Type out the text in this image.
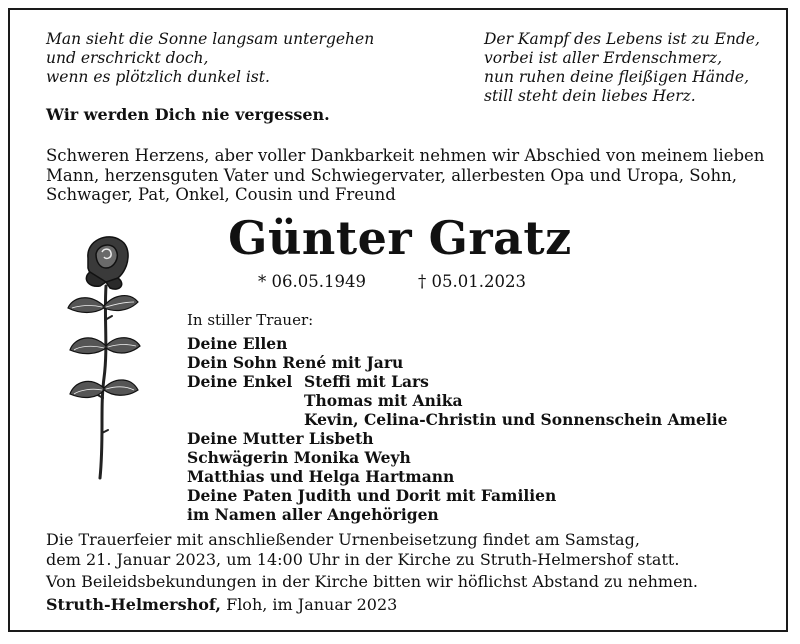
Man sieht die Sonne langsam untergehen
und erschrickt doch,
wenn es plötzlich dunkel ist.
Der Kampf des Lebens ist zu Ende,
vorbei ist aller Erdenschmerz,
nun ruhen deine fleißigen Hände,
still steht dein liebes Herz.
Wir werden Dich nie vergessen.
Schweren Herzens, aber voller Dankbarkeit nehmen wir Abschied von meinem lieben
Mann, herzensguten Vater und Schwiegervater, allerbesten Opa und Uropa, Sohn,
Schwager, Pat, Onkel, Cousin und Freund
Günter Gratz
* 06.05.1949	† 05.01.2023
In stiller Trauer:
Deine Ellen
Dein Sohn René mit Jaru
Deine Enkel Steffi mit Lars
Thomas mit Anika
Kevin, Celina-Christin und Sonnenschein Amelie
Deine Mutter Lisbeth
Schwägerin Monika Weyh
Matthias und Helga Hartmann
Deine Paten Judith und Dorit mit Familien
im Namen aller Angehörigen
Die Trauerfeier mit anschließender Urnenbeisetzung findet am Samstag,
dem 21. Januar 2023, um 14:00 Uhr in der Kirche zu Struth-Helmershof statt.
Von Beileidsbekundungen in der Kirche bitten wir höflichst Abstand zu nehmen.
Struth-Helmershof, Floh, im Januar 2023
